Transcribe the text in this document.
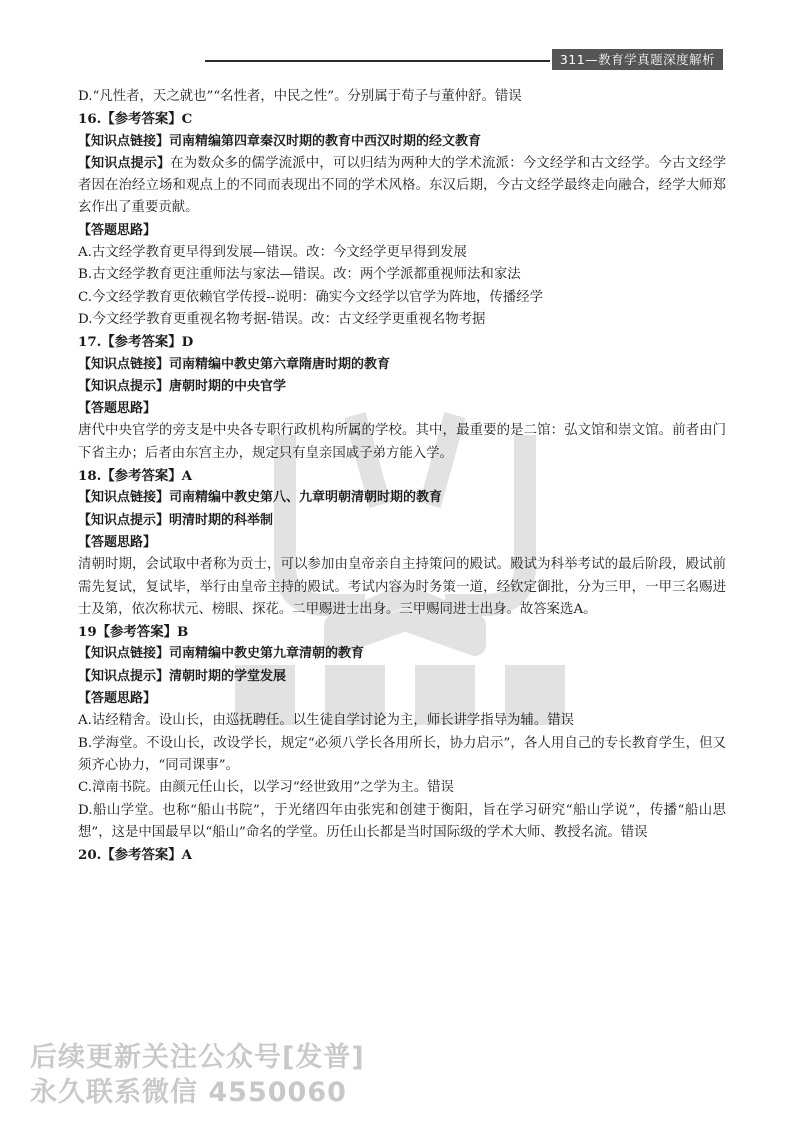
311—教育学真题深度解析

D.“凡性者，天之就也”“名性者，中民之性”。分别属于荀子与董仲舒。错误

16.【参考答案】C

【知识点链接】司南精编第四章秦汉时期的教育中西汉时期的经文教育

【知识点提示】在为数众多的儒学流派中，可以归结为两种大的学术流派：今文经学和古文经学。今古文经学者因在治经立场和观点上的不同而表现出不同的学术风格。东汉后期，今古文经学最终走向融合，经学大师郑玄作出了重要贡献。

【答题思路】

A.古文经学教育更早得到发展—错误。改：今文经学更早得到发展

B.古文经学教育更注重师法与家法—错误。改：两个学派都重视师法和家法

C.今文经学教育更依赖官学传授--说明：确实今文经学以官学为阵地，传播经学

D.今文经学教育更重视名物考据-错误。改：古文经学更重视名物考据

17.【参考答案】D

【知识点链接】司南精编中教史第六章隋唐时期的教育

【知识点提示】唐朝时期的中央官学

【答题思路】

唐代中央官学的旁支是中央各专职行政机构所属的学校。其中，最重要的是二馆：弘文馆和崇文馆。前者由门下省主办；后者由东宫主办，规定只有皇亲国戚子弟方能入学。

18.【参考答案】A

【知识点链接】司南精编中教史第八、九章明朝清朝时期的教育

【知识点提示】明清时期的科举制

【答题思路】

清朝时期，会试取中者称为贡士，可以参加由皇帝亲自主持策问的殿试。殿试为科举考试的最后阶段，殿试前需先复试，复试毕，举行由皇帝主持的殿试。考试内容为时务策一道，经钦定御批，分为三甲，一甲三名赐进士及第，依次称状元、榜眼、探花。二甲赐进士出身。三甲赐同进士出身。故答案选A。

19【参考答案】B

【知识点链接】司南精编中教史第九章清朝的教育

【知识点提示】清朝时期的学堂发展

【答题思路】

A.诂经精舍。设山长，由巡抚聘任。以生徒自学讨论为主，师长讲学指导为辅。错误

B.学海堂。不设山长，改设学长，规定“必须八学长各用所长，协力启示”，各人用自己的专长教育学生，但又须齐心协力，“同司课事”。

C.漳南书院。由颜元任山长，以学习“经世致用”之学为主。错误

D.船山学堂。也称“船山书院”，于光绪四年由张宪和创建于衡阳，旨在学习研究“船山学说”，传播“船山思想”，这是中国最早以“船山”命名的学堂。历任山长都是当时国际级的学术大师、教授名流。错误

20.【参考答案】A

后续更新关注公众号[发普]
永久联系微信 4550060
